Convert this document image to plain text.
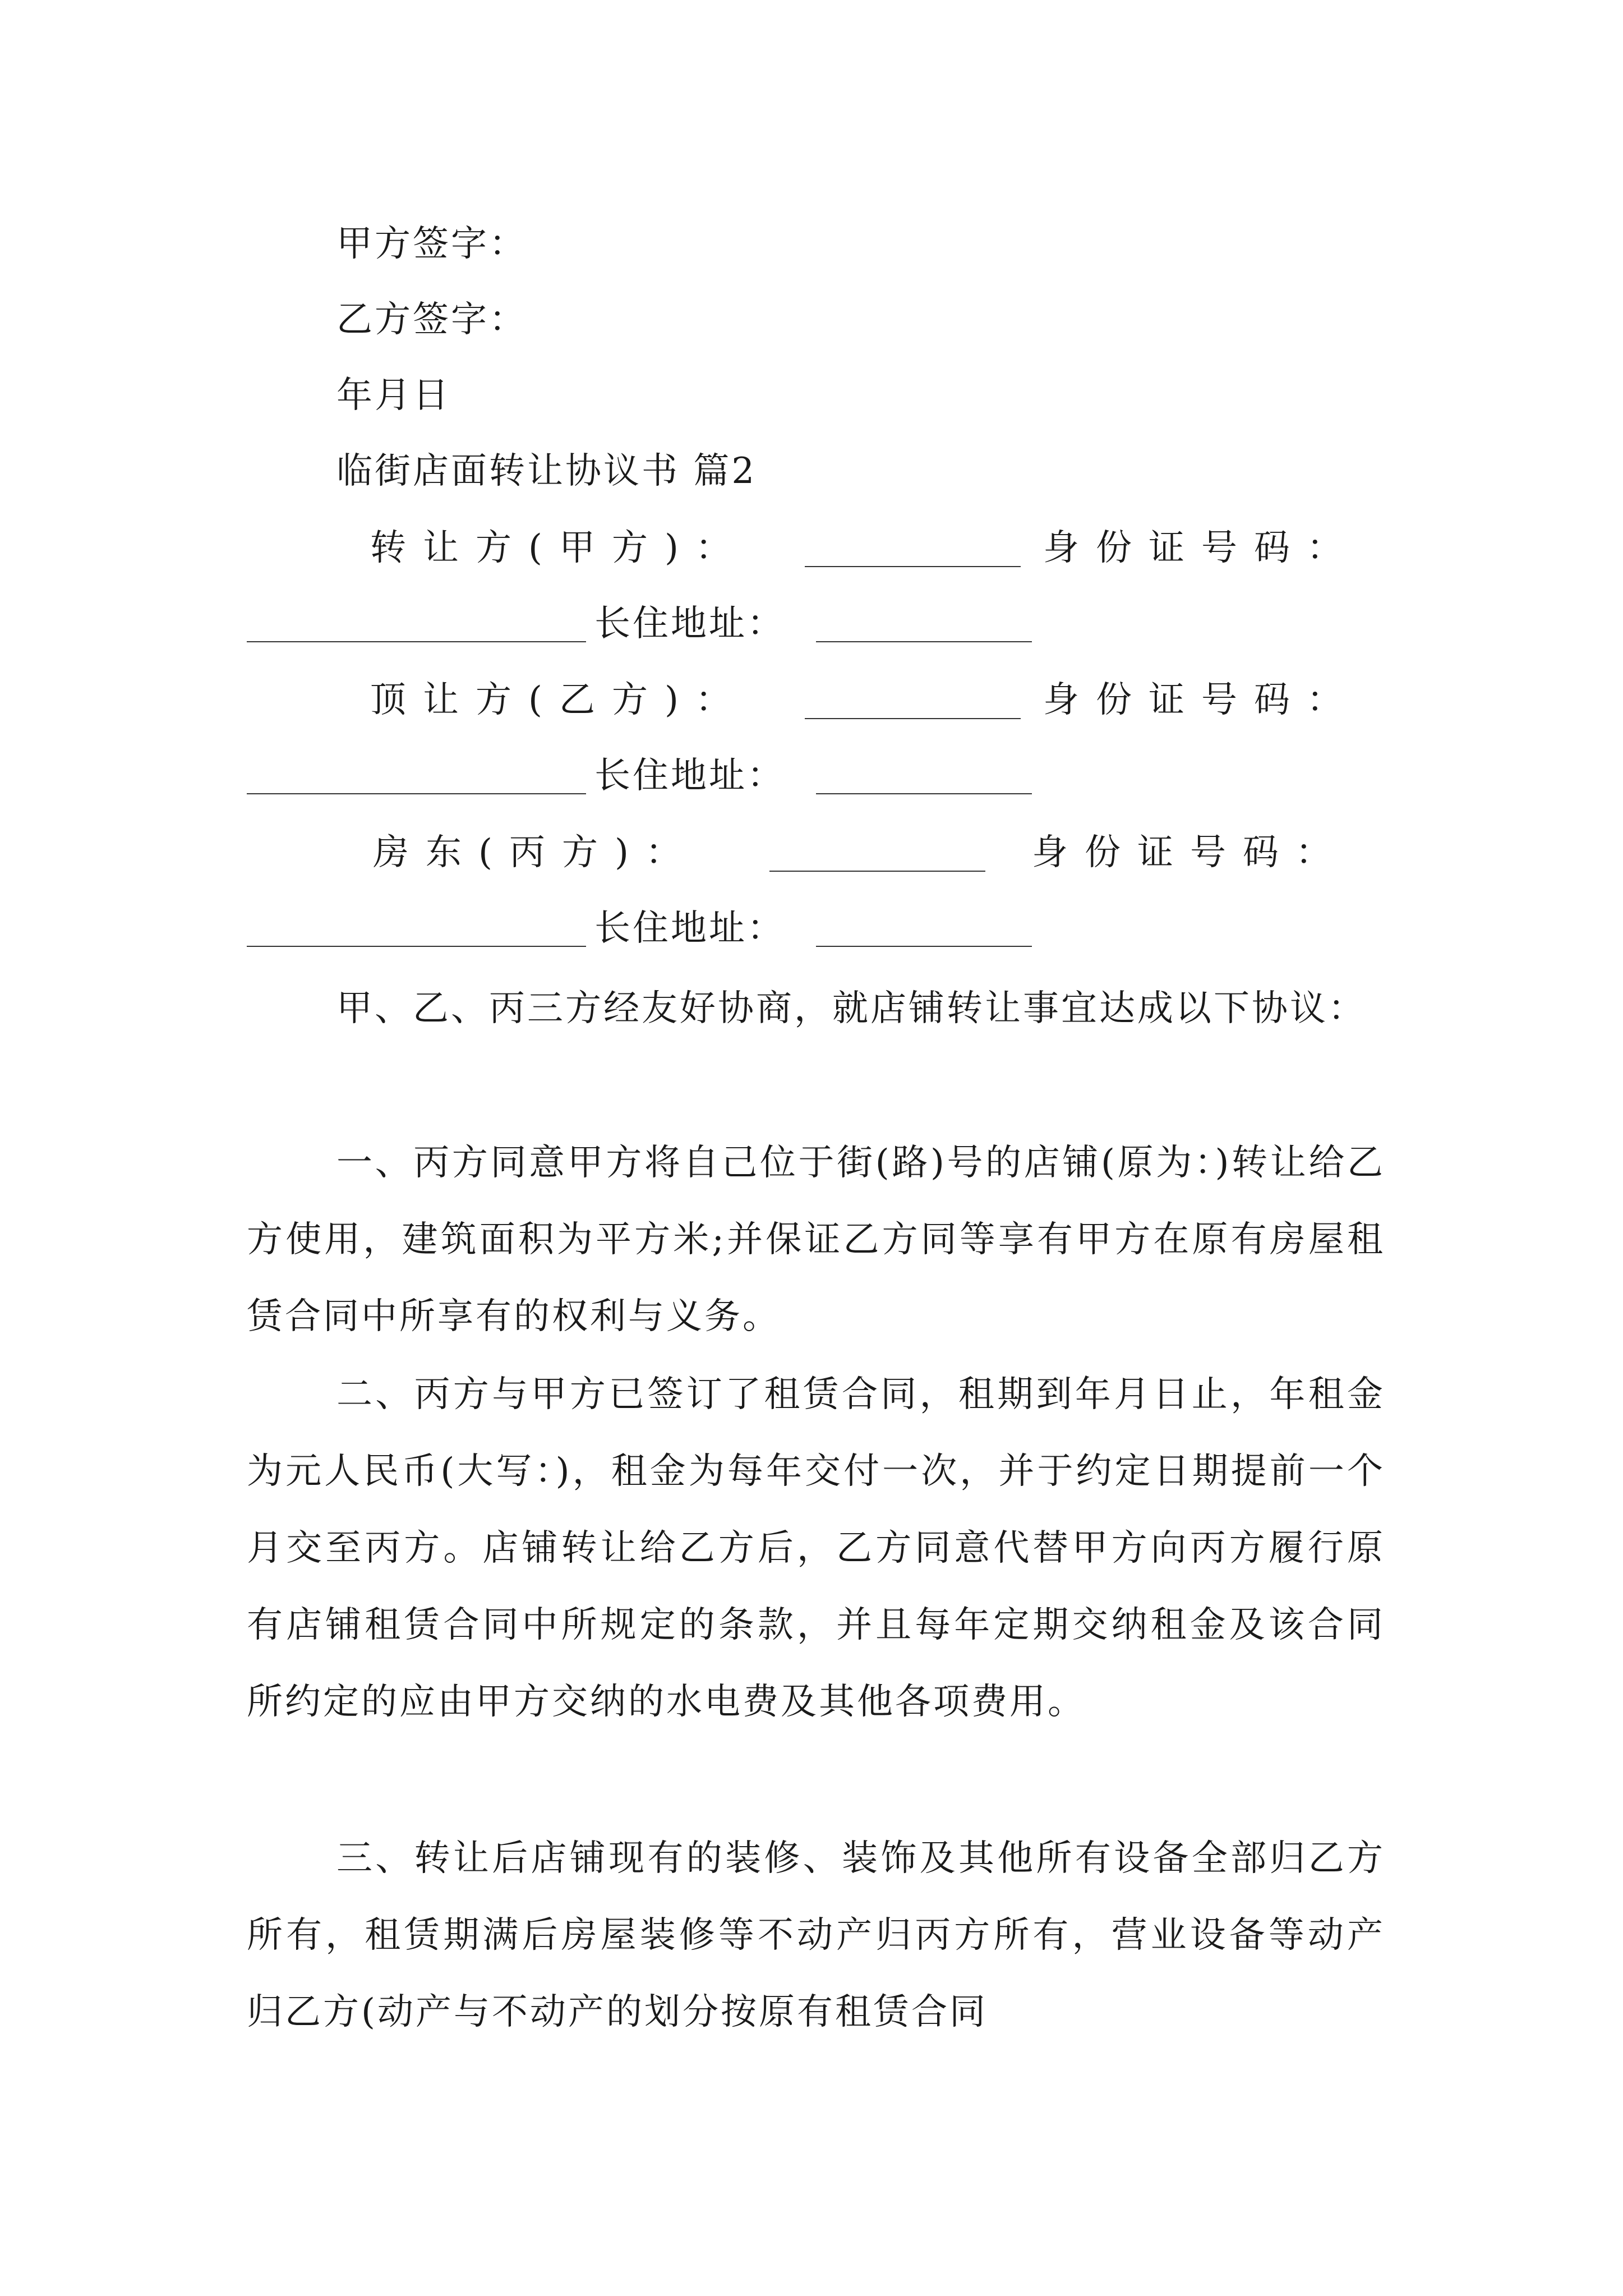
甲方签字：
乙方签字：
年月日
临街店面转让协议书 篇2
转让方(甲方)：	身份证号码：
长住地址：
顶让方(乙方)：	身份证号码：
长住地址：
房东(丙方)：	身份证号码：
长住地址：

甲、乙、丙三方经友好协商，就店铺转让事宜达成以下协议：

一、丙方同意甲方将自己位于街(路)号的店铺(原为：)转让给乙方使用，建筑面积为平方米;并保证乙方同等享有甲方在原有房屋租赁合同中所享有的权利与义务。

二、丙方与甲方已签订了租赁合同，租期到年月日止，年租金为元人民币(大写：)，租金为每年交付一次，并于约定日期提前一个月交至丙方。店铺转让给乙方后，乙方同意代替甲方向丙方履行原有店铺租赁合同中所规定的条款，并且每年定期交纳租金及该合同所约定的应由甲方交纳的水电费及其他各项费用。

三、转让后店铺现有的装修、装饰及其他所有设备全部归乙方所有，租赁期满后房屋装修等不动产归丙方所有，营业设备等动产归乙方(动产与不动产的划分按原有租赁合同
